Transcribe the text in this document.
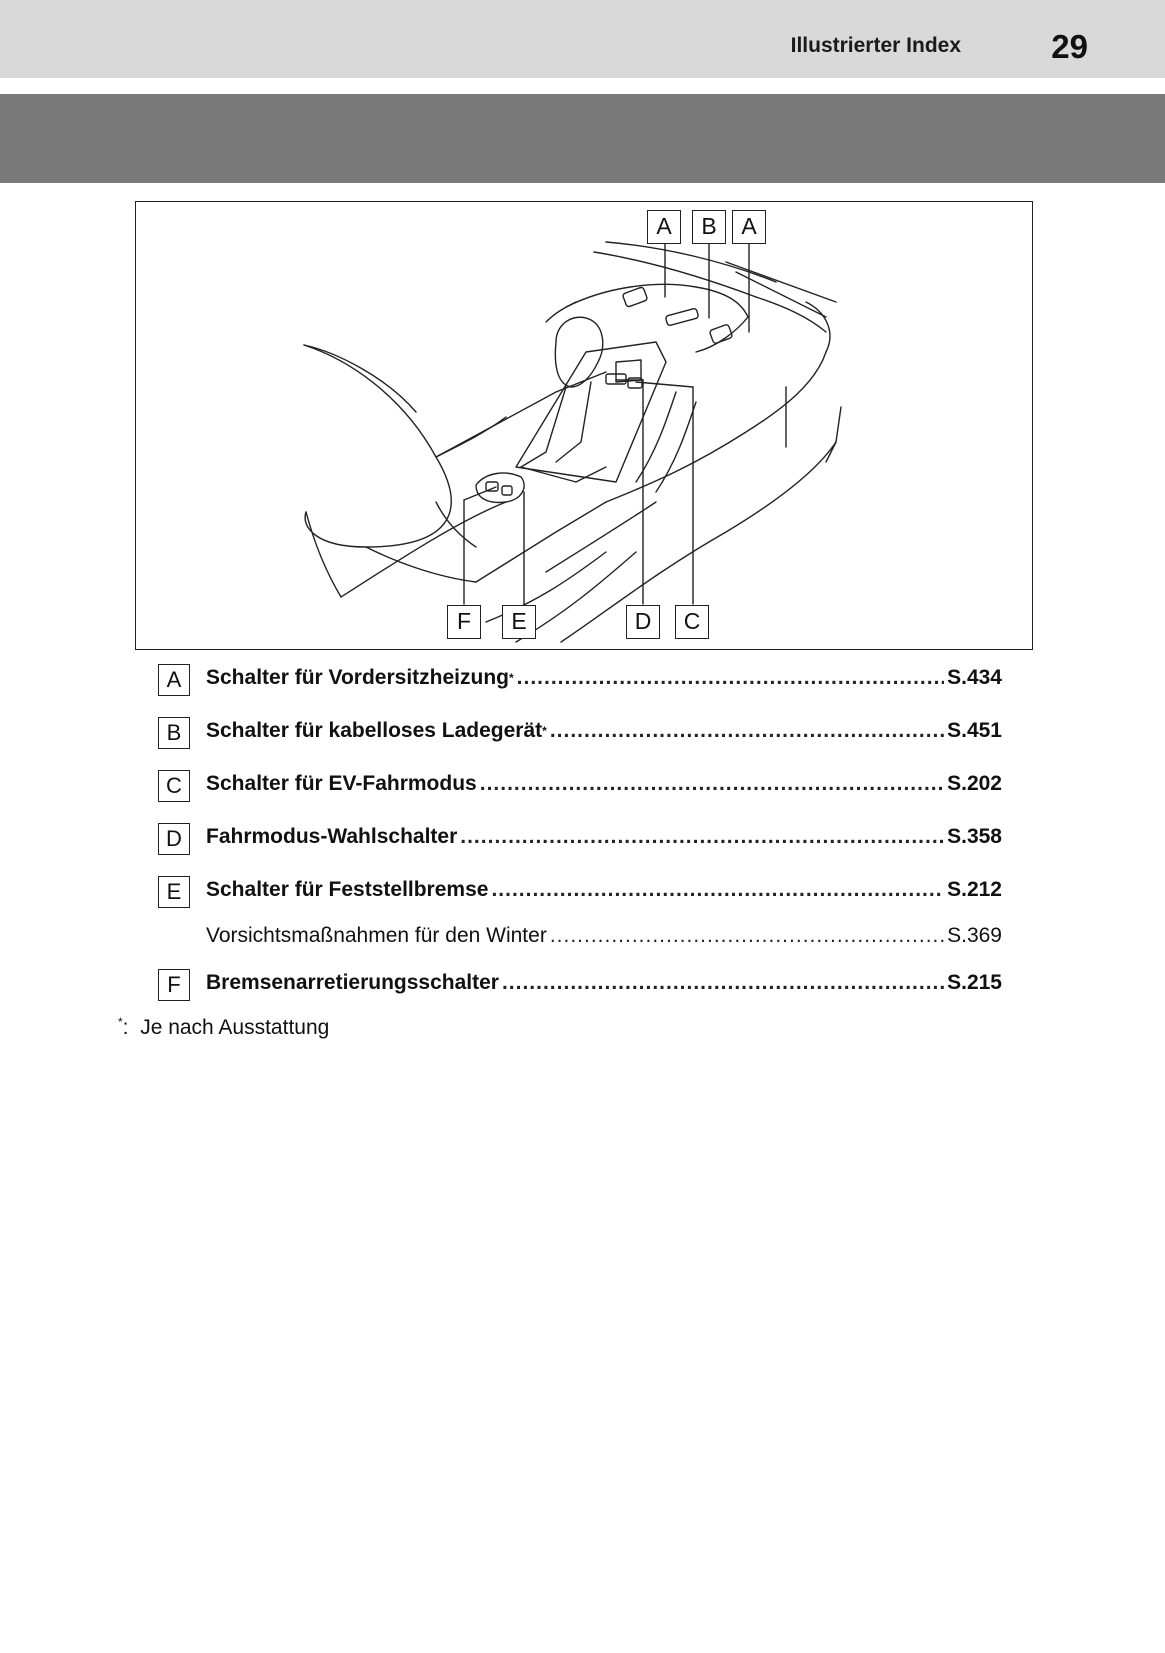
Illustrierter Index	29
A	B	A
F	E	D	C
A	Schalter für Vordersitzheizung* .....	S.434
B	Schalter für kabelloses Ladegerät* .....	S.451
C	Schalter für EV-Fahrmodus .....	S.202
D	Fahrmodus-Wahlschalter .....	S.358
E	Schalter für Feststellbremse .....	S.212
Vorsichtsmaßnahmen für den Winter .....	S.369
F	Bremsenarretierungsschalter .....	S.215
*: Je nach Ausstattung
